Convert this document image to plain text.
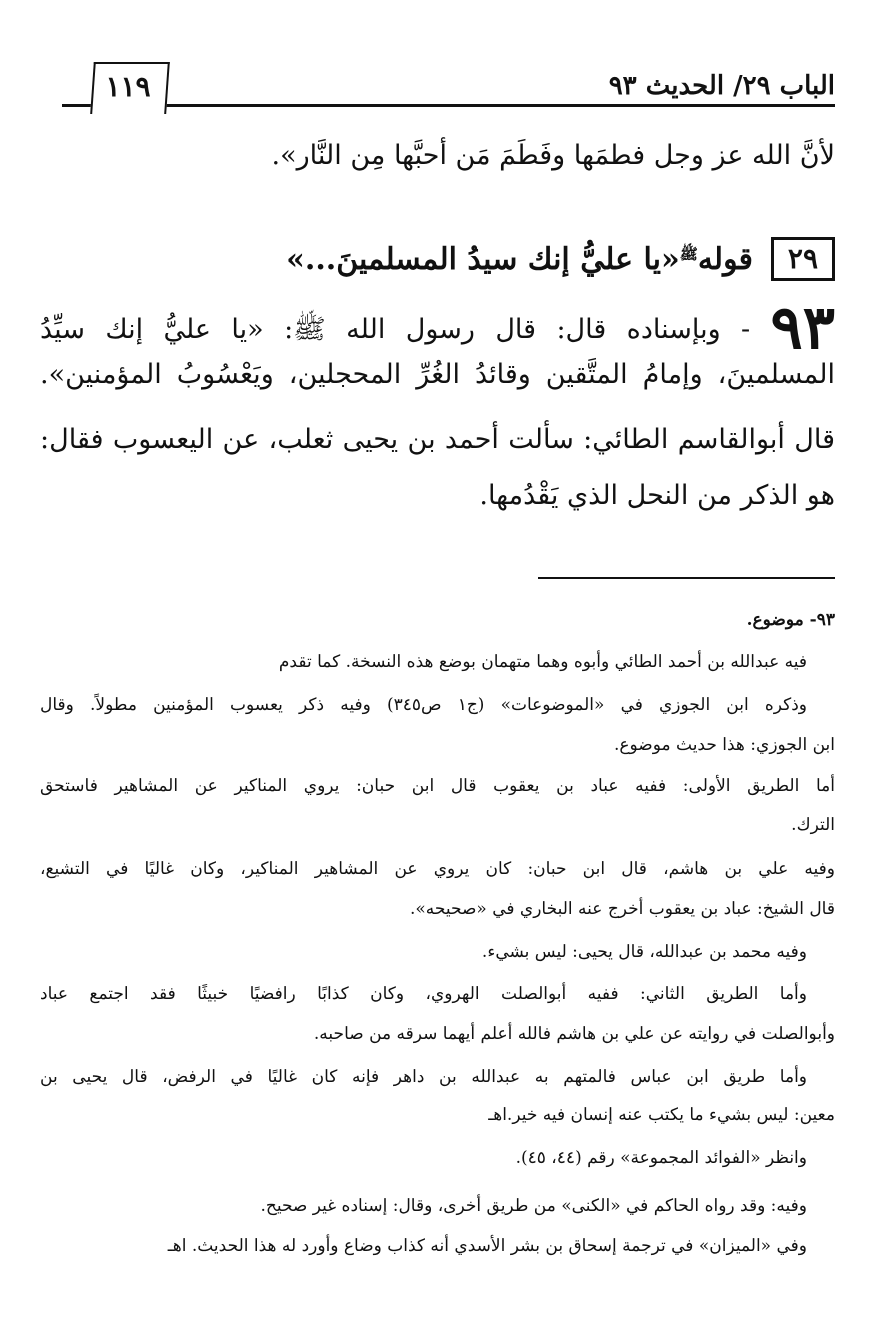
الباب ٢٩/ الحديث ٩٣
١١٩
لأنَّ الله عز وجل فطمَها وفَطَمَ مَن أحبَّها مِن النَّار».
٢٩
قوله$^ﷺ$«يا عليُّ إنك سيدُ المسلمينَ...»
٩٣ - وبإسناده قال: قال رسول الله ﷺ: «يا عليُّ إنك سيِّدُ
المسلمينَ، وإمامُ المتَّقين وقائدُ الغُرِّ المحجلين، ويَعْسُوبُ المؤمنين».
قال أبوالقاسم الطائي: سألت أحمد بن يحيى ثعلب، عن اليعسوب فقال:
هو الذكر من النحل الذي يَقْدُمها.
٩٣- موضوع.
فيه عبدالله بن أحمد الطائي وأبوه وهما متهمان بوضع هذه النسخة. كما تقدم
وذكره ابن الجوزي في «الموضوعات» (ج١ ص٣٤٥) وفيه ذكر يعسوب المؤمنين مطولاً. وقال
ابن الجوزي: هذا حديث موضوع.
أما الطريق الأولى: ففيه عباد بن يعقوب قال ابن حبان: يروي المناكير عن المشاهير فاستحق
الترك.
وفيه علي بن هاشم، قال ابن حبان: كان يروي عن المشاهير المناكير، وكان غاليًا في التشيع،
قال الشيخ: عباد بن يعقوب أخرج عنه البخاري في «صحيحه».
وفيه محمد بن عبدالله، قال يحيى: ليس بشيء.
وأما الطريق الثاني: ففيه أبوالصلت الهروي، وكان كذابًا رافضيًا خبيثًا فقد اجتمع عباد
وأبوالصلت في روايته عن علي بن هاشم فالله أعلم أيهما سرقه من صاحبه.
وأما طريق ابن عباس فالمتهم به عبدالله بن داهر فإنه كان غاليًا في الرفض، قال يحيى بن
معين: ليس بشيء ما يكتب عنه إنسان فيه خير.اهـ
وانظر «الفوائد المجموعة» رقم (٤٤، ٤٥).
وفيه: وقد رواه الحاكم في «الكنى» من طريق أخرى، وقال: إسناده غير صحيح.
وفي «الميزان» في ترجمة إسحاق بن بشر الأسدي أنه كذاب وضاع وأورد له هذا الحديث. اهـ
